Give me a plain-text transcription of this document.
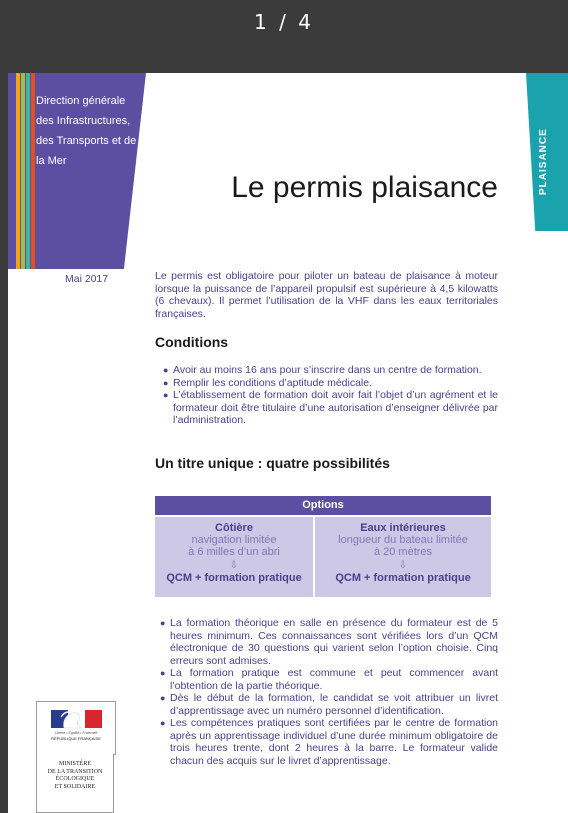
1 / 4
Direction générale des Infrastructures, des Transports et de la Mer	PLAISANCE
Le permis plaisance
Mai 2017	Le permis est obligatoire pour piloter un bateau de plaisance à moteur lorsque la puissance de l’appareil propulsif est supérieure à 4,5 kilowatts (6 chevaux). Il permet l’utilisation de la VHF dans les eaux territoriales françaises.
Conditions
● Avoir au moins 16 ans pour s’inscrire dans un centre de formation.
● Remplir les conditions d’aptitude médicale.
● L’établissement de formation doit avoir fait l’objet d’un agrément et le formateur doit être titulaire d’une autorisation d’enseigner délivrée par l’administration.
Un titre unique : quatre possibilités
Options
Côtière
navigation limitée
à 6 milles d’un abri
⇩
QCM + formation pratique
Eaux intérieures
longueur du bateau limitée
à 20 mètres
⇩
QCM + formation pratique
● La formation théorique en salle en présence du formateur est de 5 heures minimum. Ces connaissances sont vérifiées lors d’un QCM électronique de 30 questions qui varient selon l’option choisie. Cinq erreurs sont admises.
● La formation pratique est commune et peut commencer avant l’obtention de la partie théorique.
● Dès le début de la formation, le candidat se voit attribuer un livret d’apprentissage avec un numéro personnel d’identification.
● Les compétences pratiques sont certifiées par le centre de formation après un apprentissage individuel d’une durée minimum obligatoire de trois heures trente, dont 2 heures à la barre. Le formateur valide chacun des acquis sur le livret d’apprentissage.
Liberté • Égalité • Fraternité
RÉPUBLIQUE FRANÇAISE
MINISTÈRE
DE LA TRANSITION
ÉCOLOGIQUE
ET SOLIDAIRE
